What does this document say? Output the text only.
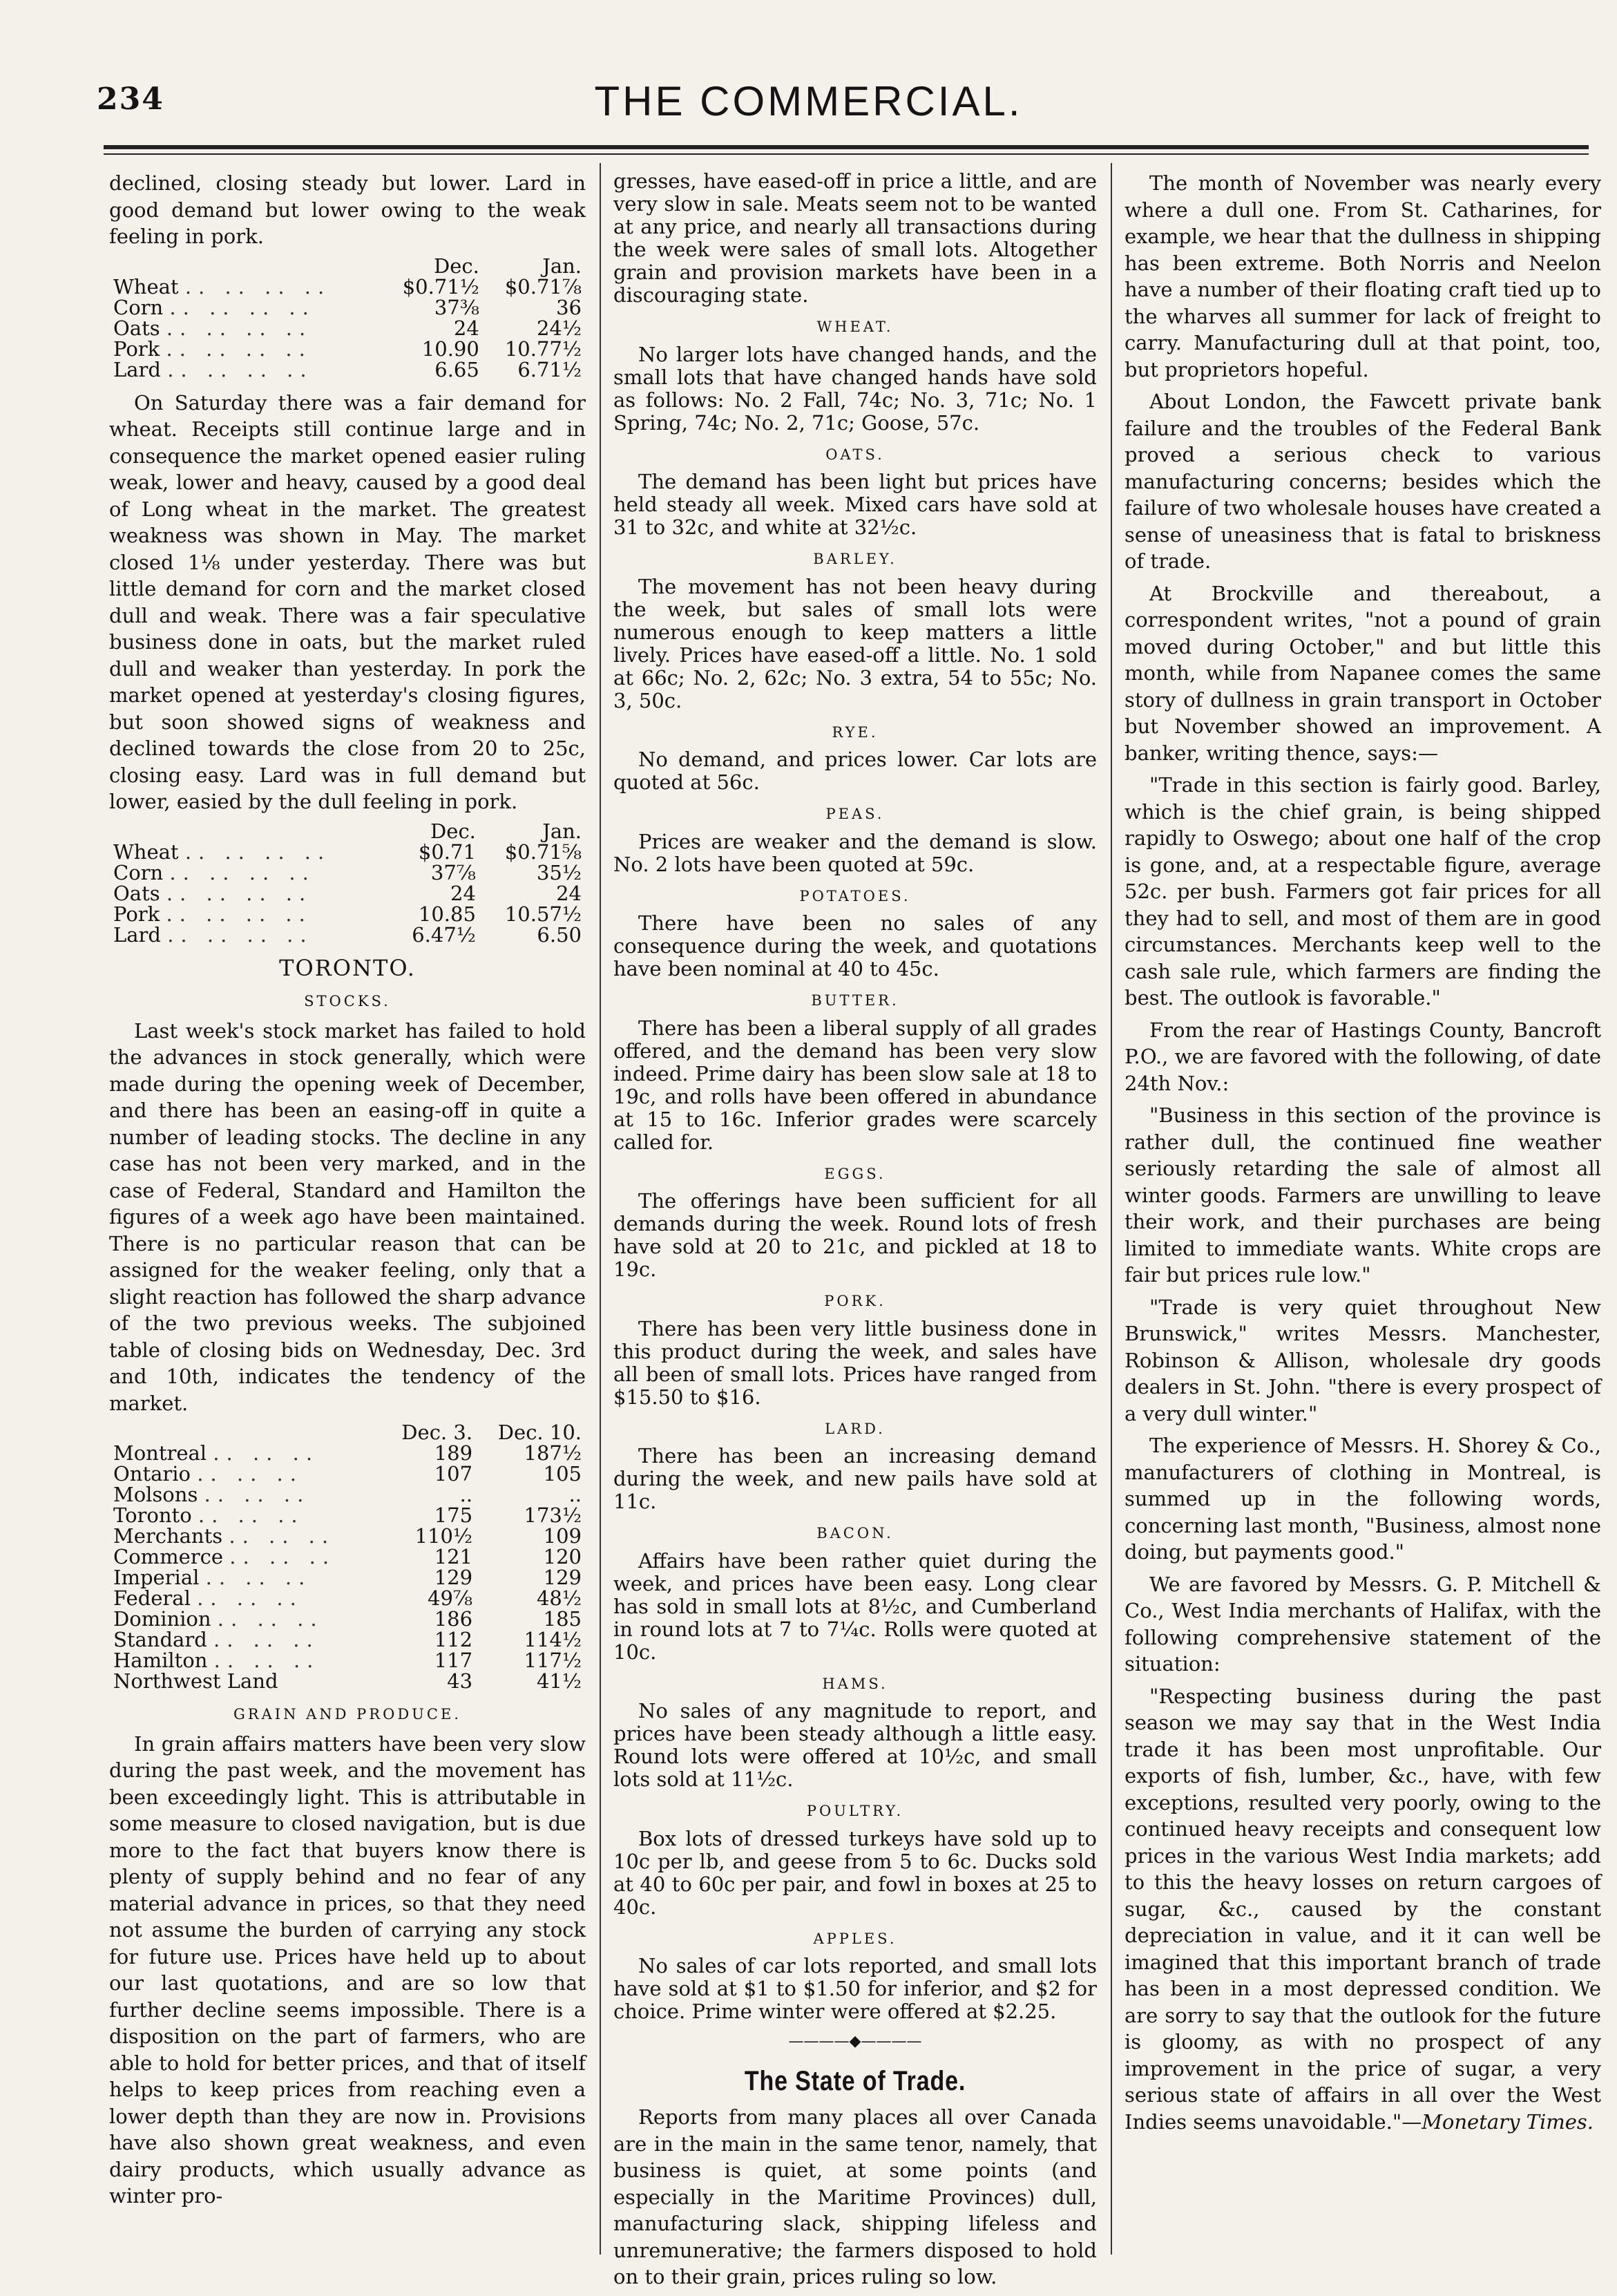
234	THE COMMERCIAL.

declined, closing steady but lower. Lard in good demand but lower owing to the weak feeling in pork.

	Dec.	Jan.
Wheat .. .. .. ..	$0.71½	$0.71⅞
Corn .. .. .. ..	37⅜	36
Oats .. .. .. ..	24	24½
Pork .. .. .. ..	10.90	10.77½
Lard .. .. .. ..	6.65	6.71½

On Saturday there was a fair demand for wheat. Receipts still continue large and in consequence the market opened easier ruling weak, lower and heavy, caused by a good deal of Long wheat in the market. The greatest weakness was shown in May. The market closed 1⅛ under yesterday. There was but little demand for corn and the market closed dull and weak. There was a fair speculative business done in oats, but the market ruled dull and weaker than yesterday. In pork the market opened at yesterday's closing figures, but soon showed signs of weakness and declined towards the close from 20 to 25c, closing easy. Lard was in full demand but lower, easied by the dull feeling in pork.

	Dec.	Jan.
Wheat .. .. .. ..	$0.71	$0.71⅝
Corn .. .. .. ..	37⅞	35½
Oats .. .. .. ..	24	24
Pork .. .. .. ..	10.85	10.57½
Lard .. .. .. ..	6.47½	6.50
TORONTO.
STOCKS.

Last week's stock market has failed to hold the advances in stock generally, which were made during the opening week of December, and there has been an easing-off in quite a number of leading stocks. The decline in any case has not been very marked, and in the case of Federal, Standard and Hamilton the figures of a week ago have been maintained. There is no particular reason that can be assigned for the weaker feeling, only that a slight reaction has followed the sharp advance of the two previous weeks. The subjoined table of closing bids on Wednesday, Dec. 3rd and 10th, indicates the tendency of the market.

	Dec. 3.	Dec. 10.
Montreal .. .. ..	189	187½
Ontario .. .. ..	107	105
Molsons .. .. ..	..	..
Toronto .. .. ..	175	173½
Merchants .. .. ..	110½	109
Commerce .. .. ..	121	120
Imperial .. .. ..	129	129
Federal .. .. ..	49⅞	48½
Dominion .. .. ..	186	185
Standard .. .. ..	112	114½
Hamilton .. .. ..	117	117½
Northwest Land	43	41½
GRAIN AND PRODUCE.

In grain affairs matters have been very slow during the past week, and the movement has been exceedingly light. This is attributable in some measure to closed navigation, but is due more to the fact that buyers know there is plenty of supply behind and no fear of any material advance in prices, so that they need not assume the burden of carrying any stock for future use. Prices have held up to about our last quotations, and are so low that further decline seems impossible. There is a disposition on the part of farmers, who are able to hold for better prices, and that of itself helps to keep prices from reaching even a lower depth than they are now in. Provisions have also shown great weakness, and even dairy products, which usually advance as winter pro-

gresses, have eased-off in price a little, and are very slow in sale. Meats seem not to be wanted at any price, and nearly all transactions during the week were sales of small lots. Altogether grain and provision markets have been in a discouraging state.

WHEAT.

No larger lots have changed hands, and the small lots that have changed hands have sold as follows: No. 2 Fall, 74c; No. 3, 71c; No. 1 Spring, 74c; No. 2, 71c; Goose, 57c.

OATS.

The demand has been light but prices have held steady all week. Mixed cars have sold at 31 to 32c, and white at 32½c.

BARLEY.

The movement has not been heavy during the week, but sales of small lots were numerous enough to keep matters a little lively. Prices have eased-off a little. No. 1 sold at 66c; No. 2, 62c; No. 3 extra, 54 to 55c; No. 3, 50c.

RYE.

No demand, and prices lower. Car lots are quoted at 56c.

PEAS.

Prices are weaker and the demand is slow. No. 2 lots have been quoted at 59c.

POTATOES.

There have been no sales of any consequence during the week, and quotations have been nominal at 40 to 45c.

BUTTER.

There has been a liberal supply of all grades offered, and the demand has been very slow indeed. Prime dairy has been slow sale at 18 to 19c, and rolls have been offered in abundance at 15 to 16c. Inferior grades were scarcely called for.

EGGS.

The offerings have been sufficient for all demands during the week. Round lots of fresh have sold at 20 to 21c, and pickled at 18 to 19c.

PORK.

There has been very little business done in this product during the week, and sales have all been of small lots. Prices have ranged from $15.50 to $16.

LARD.

There has been an increasing demand during the week, and new pails have sold at 11c.

BACON.

Affairs have been rather quiet during the week, and prices have been easy. Long clear has sold in small lots at 8½c, and Cumberland in round lots at 7 to 7¼c. Rolls were quoted at 10c.

HAMS.

No sales of any magnitude to report, and prices have been steady although a little easy. Round lots were offered at 10½c, and small lots sold at 11½c.

POULTRY.

Box lots of dressed turkeys have sold up to 10c per lb, and geese from 5 to 6c. Ducks sold at 40 to 60c per pair, and fowl in boxes at 25 to 40c.

APPLES.

No sales of car lots reported, and small lots have sold at $1 to $1.50 for inferior, and $2 for choice. Prime winter were offered at $2.25.

————◆————
The State of Trade.

Reports from many places all over Canada are in the main in the same tenor, namely, that business is quiet, at some points (and especially in the Maritime Provinces) dull, manufacturing slack, shipping lifeless and unremunerative; the farmers disposed to hold on to their grain, prices ruling so low.

The month of November was nearly every where a dull one. From St. Catharines, for example, we hear that the dullness in shipping has been extreme. Both Norris and Neelon have a number of their floating craft tied up to the wharves all summer for lack of freight to carry. Manufacturing dull at that point, too, but proprietors hopeful.

About London, the Fawcett private bank failure and the troubles of the Federal Bank proved a serious check to various manufacturing concerns; besides which the failure of two wholesale houses have created a sense of uneasiness that is fatal to briskness of trade.

At Brockville and thereabout, a correspondent writes, "not a pound of grain moved during October," and but little this month, while from Napanee comes the same story of dullness in grain transport in October but November showed an improvement. A banker, writing thence, says:—

"Trade in this section is fairly good. Barley, which is the chief grain, is being shipped rapidly to Oswego; about one half of the crop is gone, and, at a respectable figure, average 52c. per bush. Farmers got fair prices for all they had to sell, and most of them are in good circumstances. Merchants keep well to the cash sale rule, which farmers are finding the best. The outlook is favorable."

From the rear of Hastings County, Bancroft P.O., we are favored with the following, of date 24th Nov.:

"Business in this section of the province is rather dull, the continued fine weather seriously retarding the sale of almost all winter goods. Farmers are unwilling to leave their work, and their purchases are being limited to immediate wants. White crops are fair but prices rule low."

"Trade is very quiet throughout New Brunswick," writes Messrs. Manchester, Robinson & Allison, wholesale dry goods dealers in St. John. "there is every prospect of a very dull winter."

The experience of Messrs. H. Shorey & Co., manufacturers of clothing in Montreal, is summed up in the following words, concerning last month, "Business, almost none doing, but payments good."

We are favored by Messrs. G. P. Mitchell & Co., West India merchants of Halifax, with the following comprehensive statement of the situation:

"Respecting business during the past season we may say that in the West India trade it has been most unprofitable. Our exports of fish, lumber, &c., have, with few exceptions, resulted very poorly, owing to the continued heavy receipts and consequent low prices in the various West India markets; add to this the heavy losses on return cargoes of sugar, &c., caused by the constant depreciation in value, and it it can well be imagined that this important branch of trade has been in a most depressed condition. We are sorry to say that the outlook for the future is gloomy, as with no prospect of any improvement in the price of sugar, a very serious state of affairs in all over the West Indies seems unavoidable."—Monetary Times.
